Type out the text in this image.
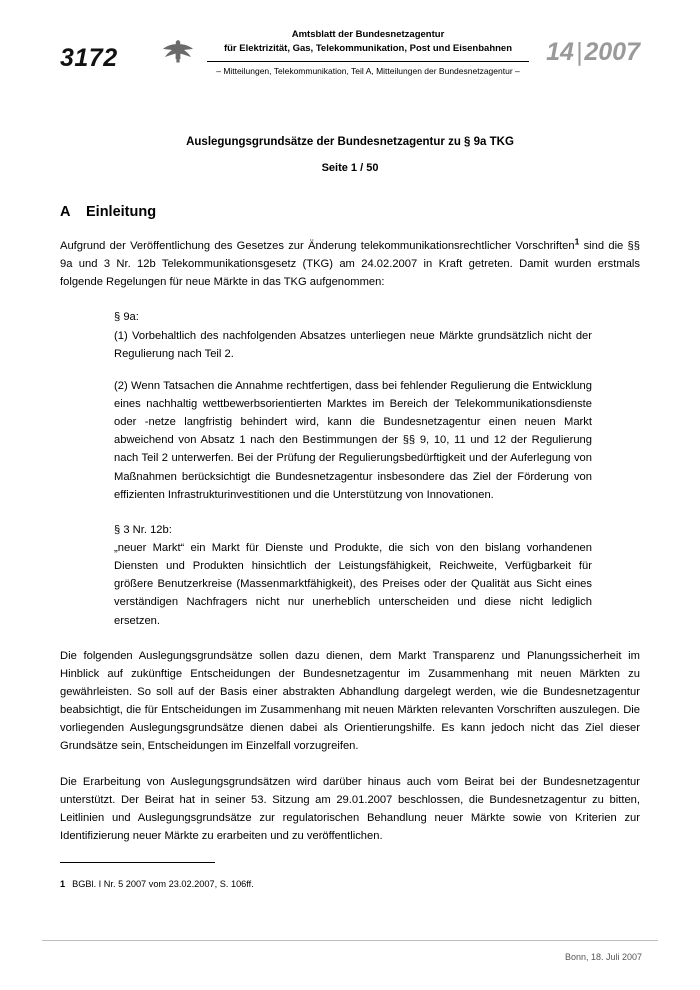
3172
Amtsblatt der Bundesnetzagentur
für Elektrizität, Gas, Telekommunikation, Post und Eisenbahnen
– Mitteilungen, Telekommunikation, Teil A, Mitteilungen der Bundesnetzagentur –
14|2007
Auslegungsgrundsätze der Bundesnetzagentur zu § 9a TKG
Seite 1 / 50
A Einleitung

Aufgrund der Veröffentlichung des Gesetzes zur Änderung telekommunikationsrechtlicher Vorschriften$^1$ sind die §§ 9a und 3 Nr. 12b Telekommunikationsgesetz (TKG) am 24.02.2007 in Kraft getreten. Damit wurden erstmals folgende Regelungen für neue Märkte in das TKG aufgenommen:

§ 9a:

(1) Vorbehaltlich des nachfolgenden Absatzes unterliegen neue Märkte grundsätzlich nicht der Regulierung nach Teil 2.

(2) Wenn Tatsachen die Annahme rechtfertigen, dass bei fehlender Regulierung die Entwicklung eines nachhaltig wettbewerbsorientierten Marktes im Bereich der Telekommunikationsdienste oder -netze langfristig behindert wird, kann die Bundesnetzagentur einen neuen Markt abweichend von Absatz 1 nach den Bestimmungen der §§ 9, 10, 11 und 12 der Regulierung nach Teil 2 unterwerfen. Bei der Prüfung der Regulierungsbedürftigkeit und der Auferlegung von Maßnahmen berücksichtigt die Bundesnetzagentur insbesondere das Ziel der Förderung von effizienten Infrastrukturinvestitionen und die Unterstützung von Innovationen.

§ 3 Nr. 12b:

„neuer Markt“ ein Markt für Dienste und Produkte, die sich von den bislang vorhandenen Diensten und Produkten hinsichtlich der Leistungsfähigkeit, Reichweite, Verfügbarkeit für größere Benutzerkreise (Massenmarktfähigkeit), des Preises oder der Qualität aus Sicht eines verständigen Nachfragers nicht nur unerheblich unterscheiden und diese nicht lediglich ersetzen.

Die folgenden Auslegungsgrundsätze sollen dazu dienen, dem Markt Transparenz und Planungssicherheit im Hinblick auf zukünftige Entscheidungen der Bundesnetzagentur im Zusammenhang mit neuen Märkten zu gewährleisten. So soll auf der Basis einer abstrakten Abhandlung dargelegt werden, wie die Bundesnetzagentur beabsichtigt, die für Entscheidungen im Zusammenhang mit neuen Märkten relevanten Vorschriften auszulegen. Die vorliegenden Auslegungsgrundsätze dienen dabei als Orientierungshilfe. Es kann jedoch nicht das Ziel dieser Grundsätze sein, Entscheidungen im Einzelfall vorzugreifen.

Die Erarbeitung von Auslegungsgrundsätzen wird darüber hinaus auch vom Beirat bei der Bundesnetzagentur unterstützt. Der Beirat hat in seiner 53. Sitzung am 29.01.2007 beschlossen, die Bundesnetzagentur zu bitten, Leitlinien und Auslegungsgrundsätze zur regulatorischen Behandlung neuer Märkte sowie von Kriterien zur Identifizierung neuer Märkte zu erarbeiten und zu veröffentlichen.

1 BGBl. I Nr. 5 2007 vom 23.02.2007, S. 106ff.
Bonn, 18. Juli 2007
